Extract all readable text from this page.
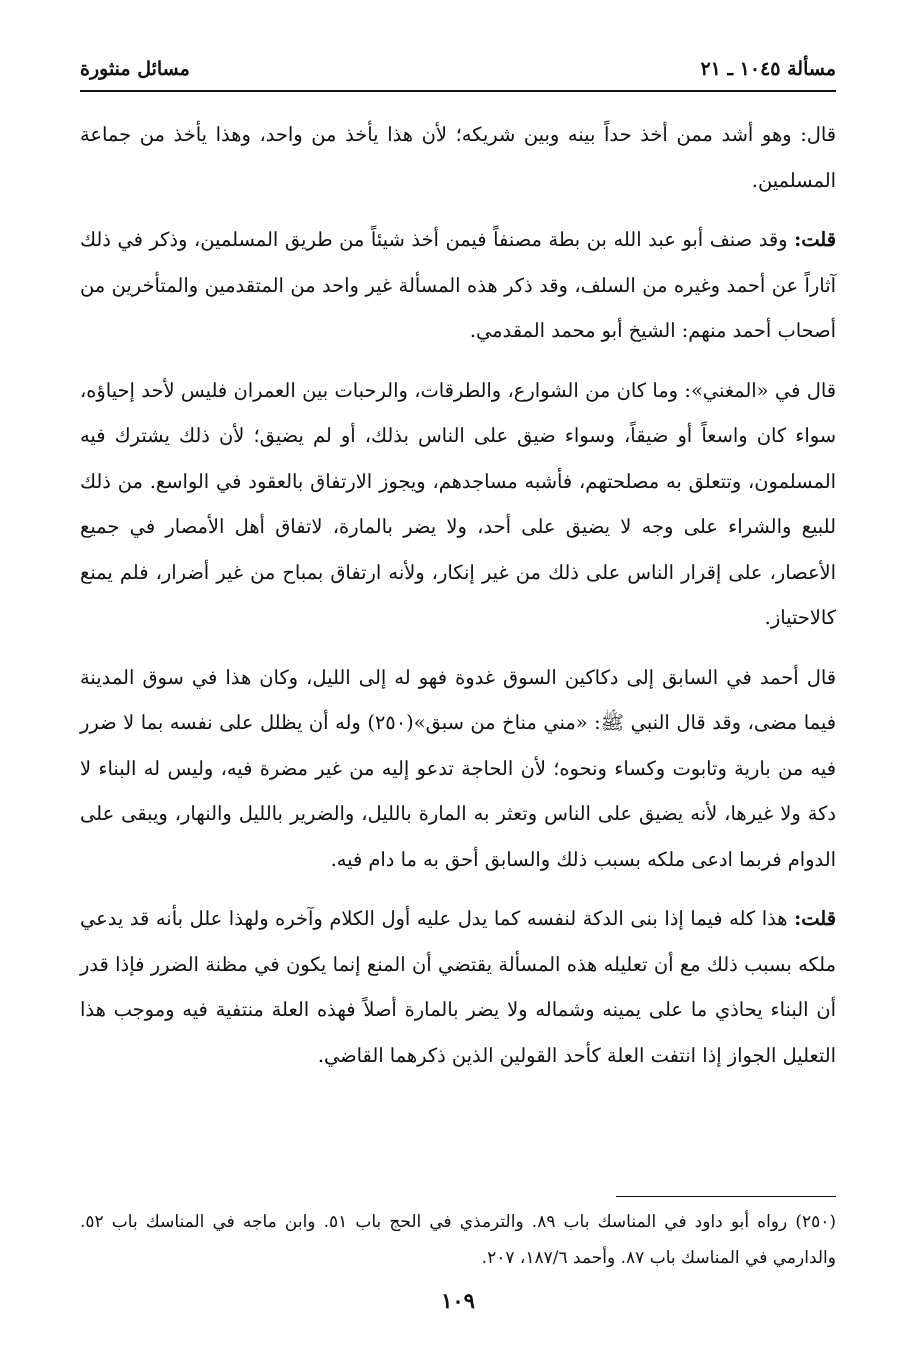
مسألة ١٠٤٥ ـ ٢١
مسائل منثورة

قال: وهو أشد ممن أخذ حداً بينه وبين شريكه؛ لأن هذا يأخذ من واحد، وهذا يأخذ من جماعة المسلمين.

قلت: وقد صنف أبو عبد الله بن بطة مصنفاً فيمن أخذ شيئاً من طريق المسلمين، وذكر في ذلك آثاراً عن أحمد وغيره من السلف، وقد ذكر هذه المسألة غير واحد من المتقدمين والمتأخرين من أصحاب أحمد منهم: الشيخ أبو محمد المقدمي.

قال في «المغني»: وما كان من الشوارع، والطرقات، والرحبات بين العمران فليس لأحد إحياؤه، سواء كان واسعاً أو ضيقاً، وسواء ضيق على الناس بذلك، أو لم يضيق؛ لأن ذلك يشترك فيه المسلمون، وتتعلق به مصلحتهم، فأشبه مساجدهم، ويجوز الارتفاق بالعقود في الواسع. من ذلك للبيع والشراء على وجه لا يضيق على أحد، ولا يضر بالمارة، لاتفاق أهل الأمصار في جميع الأعصار، على إقرار الناس على ذلك من غير إنكار، ولأنه ارتفاق بمباح من غير أضرار، فلم يمنع كالاحتياز.

قال أحمد في السابق إلى دكاكين السوق غدوة فهو له إلى الليل، وكان هذا في سوق المدينة فيما مضى، وقد قال النبي ﷺ: «مني مناخ من سبق»(٢٥٠) وله أن يظلل على نفسه بما لا ضرر فيه من بارية وتابوت وكساء ونحوه؛ لأن الحاجة تدعو إليه من غير مضرة فيه، وليس له البناء لا دكة ولا غيرها، لأنه يضيق على الناس وتعثر به المارة بالليل، والضرير بالليل والنهار، ويبقى على الدوام فربما ادعى ملكه بسبب ذلك والسابق أحق به ما دام فيه.

قلت: هذا كله فيما إذا بنى الدكة لنفسه كما يدل عليه أول الكلام وآخره ولهذا علل بأنه قد يدعي ملكه بسبب ذلك مع أن تعليله هذه المسألة يقتضي أن المنع إنما يكون في مظنة الضرر فإذا قدر أن البناء يحاذي ما على يمينه وشماله ولا يضر بالمارة أصلاً فهذه العلة منتفية فيه وموجب هذا التعليل الجواز إذا انتفت العلة كأحد القولين الذين ذكرهما القاضي.

(٢٥٠) رواه أبو داود في المناسك باب ٨٩. والترمذي في الحج باب ٥١. وابن ماجه في المناسك باب ٥٢. والدارمي في المناسك باب ٨٧. وأحمد ١٨٧/٦، ٢٠٧.
١٠٩
